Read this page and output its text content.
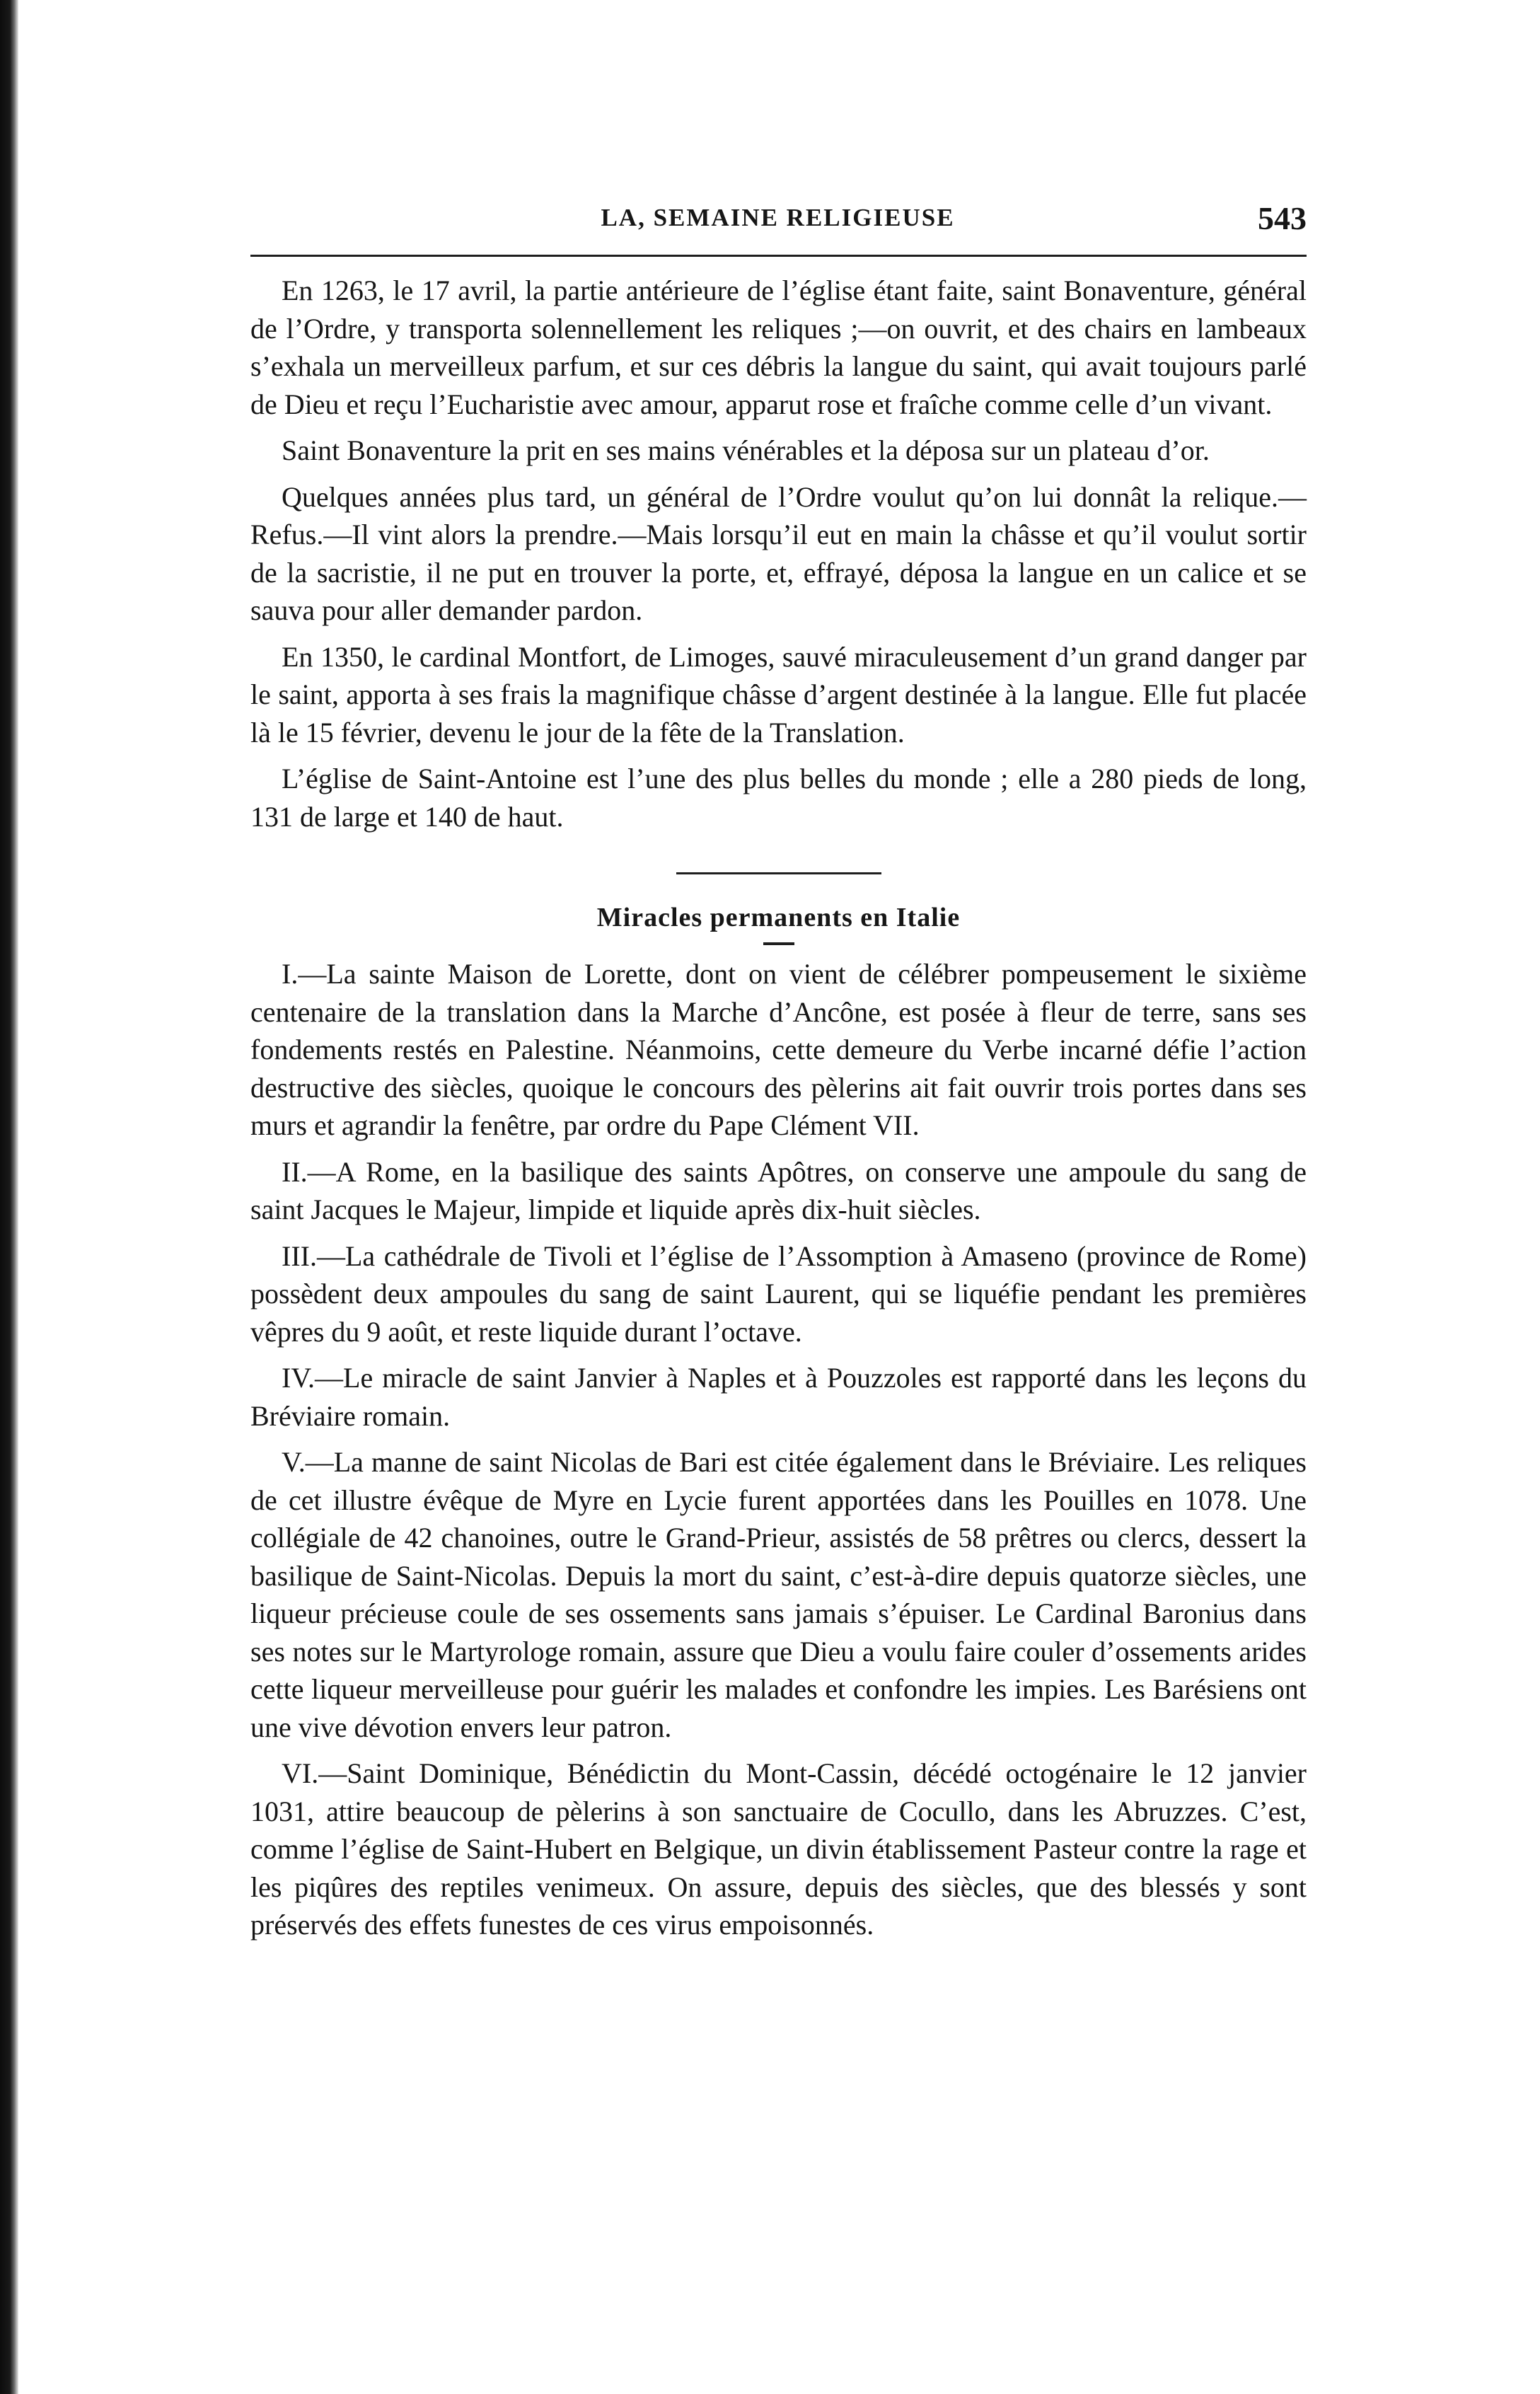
LA, SEMAINE RELIGIEUSE	543

En 1263, le 17 avril, la partie antérieure de l’église étant faite, saint Bonaventure, général de l’Ordre, y transporta solennellement les reliques ;—on ouvrit, et des chairs en lambeaux s’exhala un merveilleux parfum, et sur ces débris la langue du saint, qui avait toujours parlé de Dieu et reçu l’Eucharistie avec amour, apparut rose et fraîche comme celle d’un vivant.

Saint Bonaventure la prit en ses mains vénérables et la déposa sur un plateau d’or.

Quelques années plus tard, un général de l’Ordre voulut qu’on lui donnât la relique.—Refus.—Il vint alors la prendre.—Mais lorsqu’il eut en main la châsse et qu’il voulut sortir de la sacristie, il ne put en trouver la porte, et, effrayé, déposa la langue en un calice et se sauva pour aller demander pardon.

En 1350, le cardinal Montfort, de Limoges, sauvé miraculeusement d’un grand danger par le saint, apporta à ses frais la magnifique châsse d’argent destinée à la langue. Elle fut placée là le 15 février, devenu le jour de la fête de la Translation.

L’église de Saint-Antoine est l’une des plus belles du monde ; elle a 280 pieds de long, 131 de large et 140 de haut.

Miracles permanents en Italie

I.—La sainte Maison de Lorette, dont on vient de célébrer pompeusement le sixième centenaire de la translation dans la Marche d’Ancône, est posée à fleur de terre, sans ses fondements restés en Palestine. Néanmoins, cette demeure du Verbe incarné défie l’action destructive des siècles, quoique le concours des pèlerins ait fait ouvrir trois portes dans ses murs et agrandir la fenêtre, par ordre du Pape Clément VII.

II.—A Rome, en la basilique des saints Apôtres, on conserve une ampoule du sang de saint Jacques le Majeur, limpide et liquide après dix-huit siècles.

III.—La cathédrale de Tivoli et l’église de l’Assomption à Amaseno (province de Rome) possèdent deux ampoules du sang de saint Laurent, qui se liquéfie pendant les premières vêpres du 9 août, et reste liquide durant l’octave.

IV.—Le miracle de saint Janvier à Naples et à Pouzzoles est rapporté dans les leçons du Bréviaire romain.

V.—La manne de saint Nicolas de Bari est citée également dans le Bréviaire. Les reliques de cet illustre évêque de Myre en Lycie furent apportées dans les Pouilles en 1078. Une collégiale de 42 chanoines, outre le Grand-Prieur, assistés de 58 prêtres ou clercs, dessert la basilique de Saint-Nicolas. Depuis la mort du saint, c’est-à-dire depuis quatorze siècles, une liqueur précieuse coule de ses ossements sans jamais s’épuiser. Le Cardinal Baronius dans ses notes sur le Martyrologe romain, assure que Dieu a voulu faire couler d’ossements arides cette liqueur merveilleuse pour guérir les malades et confondre les impies. Les Barésiens ont une vive dévotion envers leur patron.

VI.—Saint Dominique, Bénédictin du Mont-Cassin, décédé octogénaire le 12 janvier 1031, attire beaucoup de pèlerins à son sanctuaire de Cocullo, dans les Abruzzes. C’est, comme l’église de Saint-Hubert en Belgique, un divin établissement Pasteur contre la rage et les piqûres des reptiles venimeux. On assure, depuis des siècles, que des blessés y sont préservés des effets funestes de ces virus empoisonnés.
